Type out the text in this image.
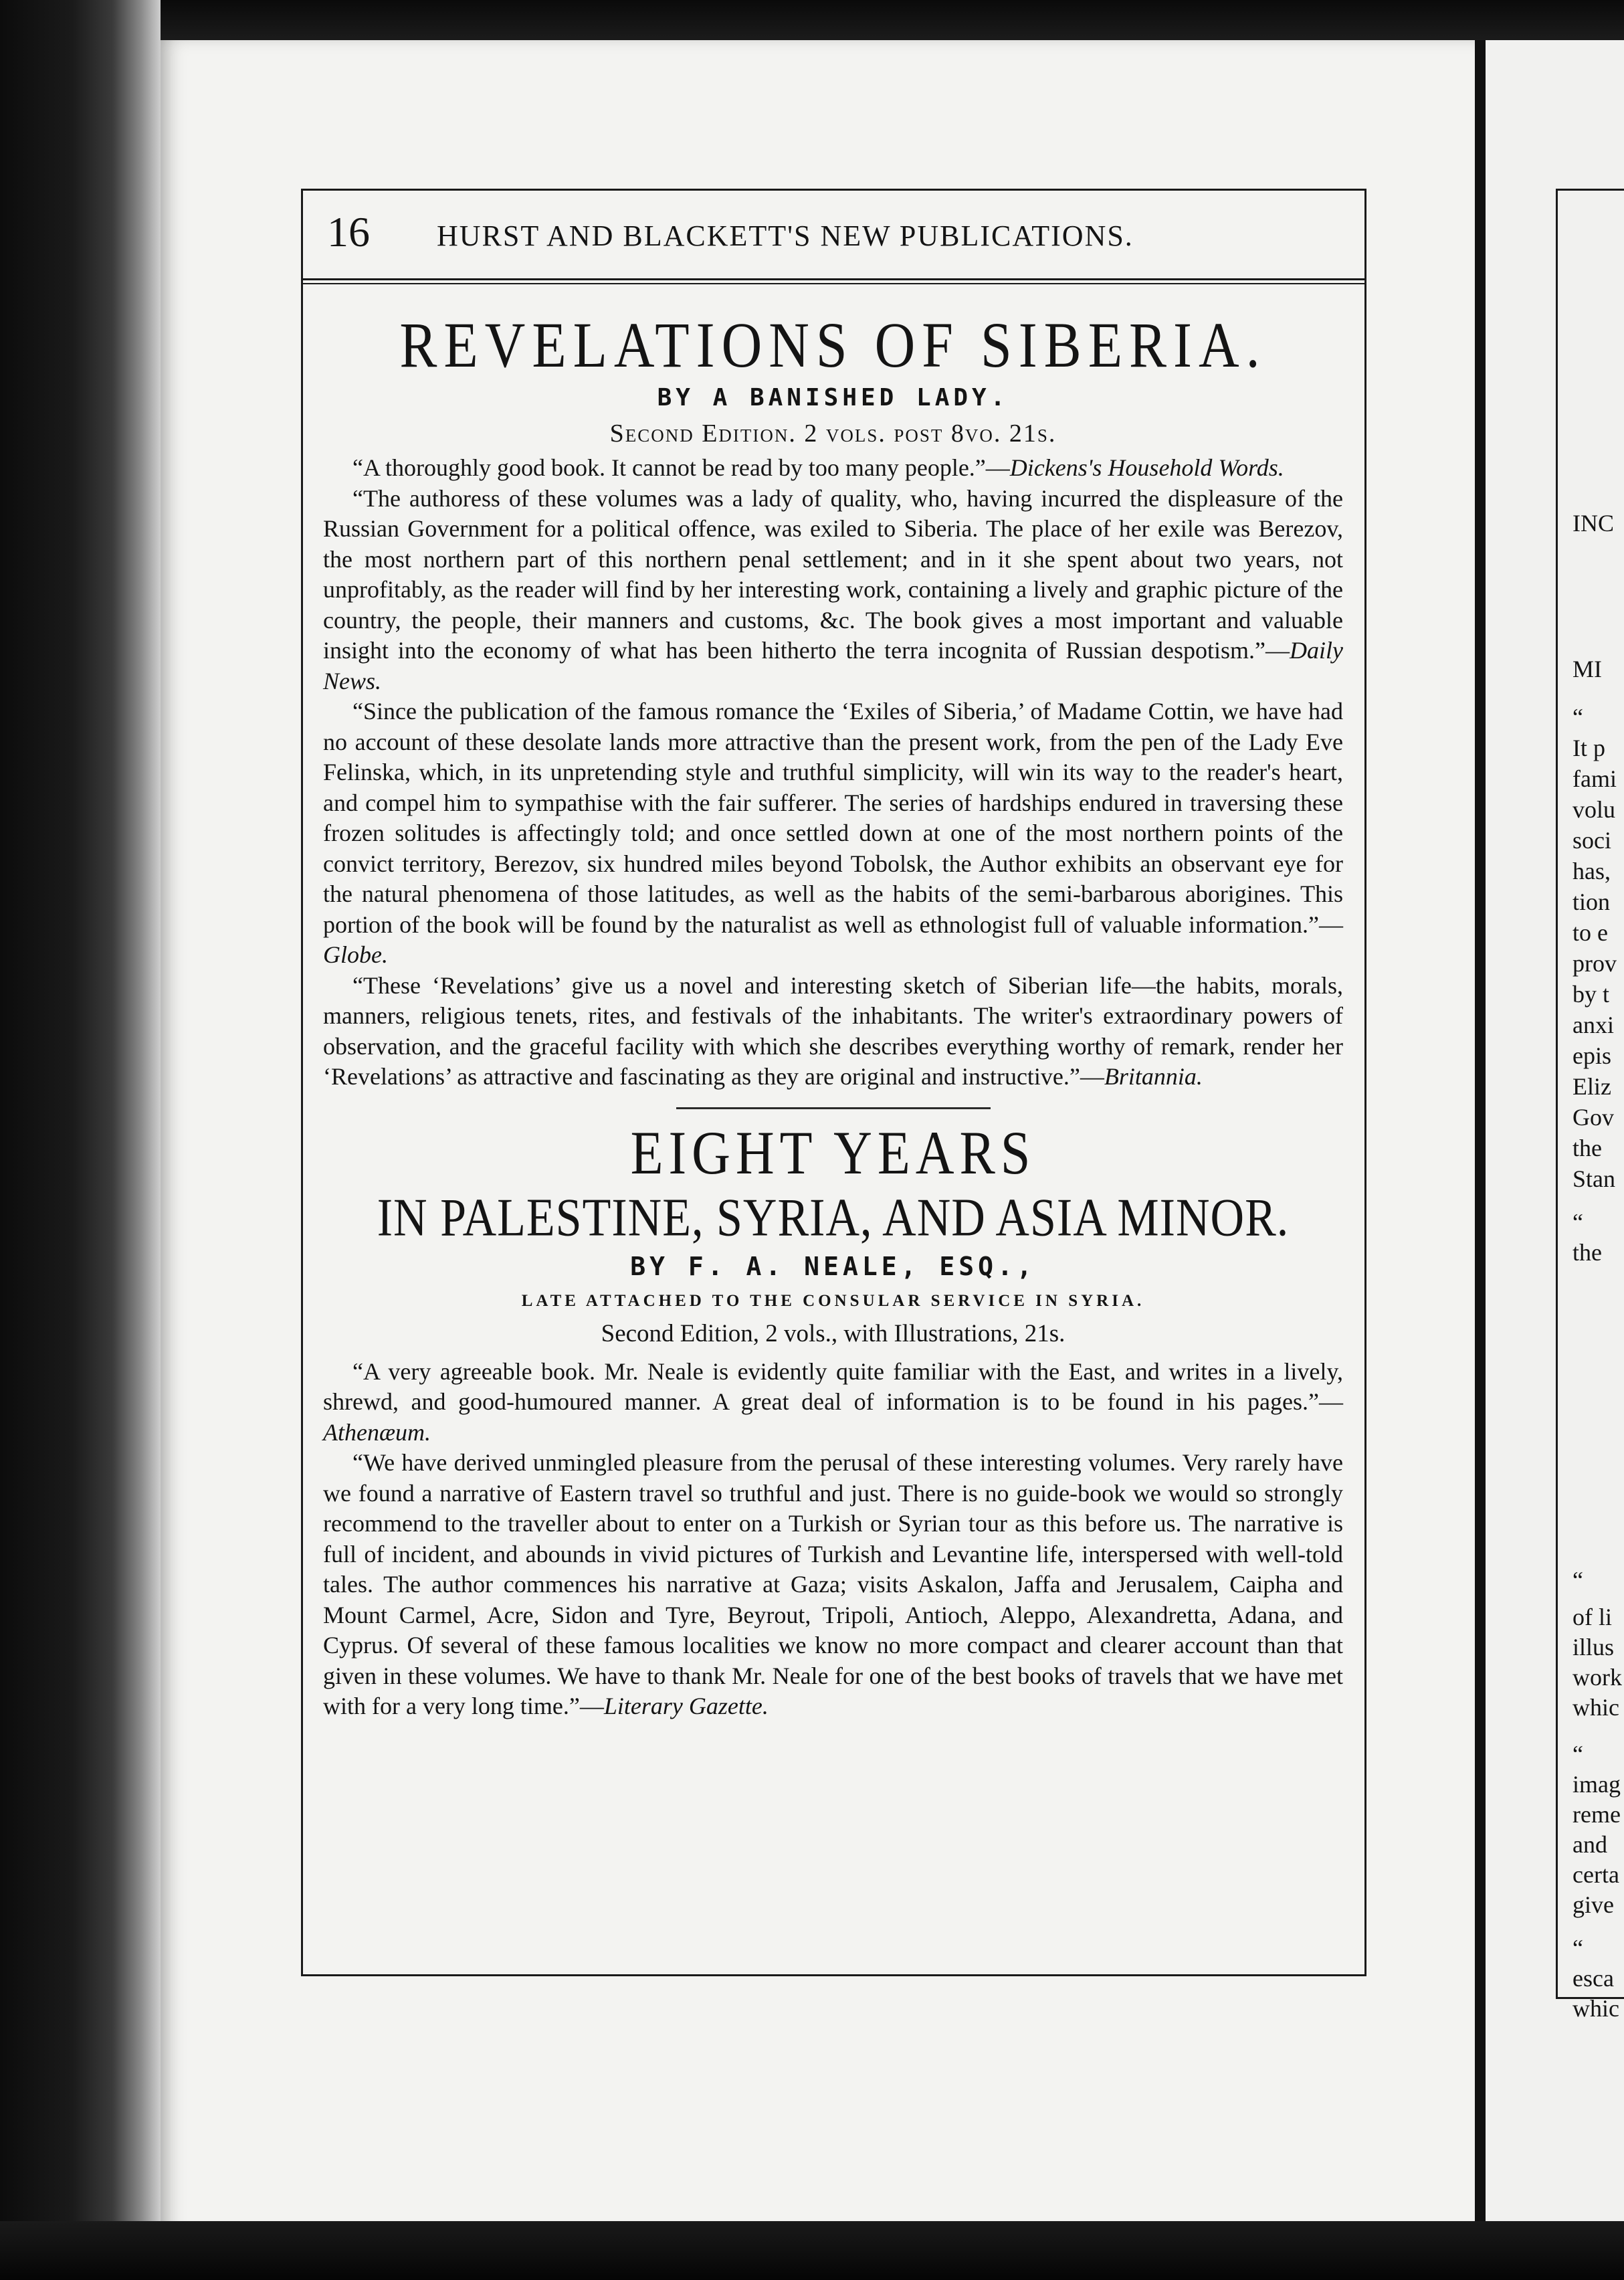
INC
MI
“
It p
fami
volu
soci
has,
tion
to e
prov
by t
anxi
epis
Eliz
Gov
the
Stan
“
the
“
of li
illus
work
whic
“
imag
reme
and
certa
give
“
esca
whic
16 HURST AND BLACKETT'S NEW PUBLICATIONS.
REVELATIONS OF SIBERIA.
BY A BANISHED LADY.
Second Edition. 2 vols. post 8vo. 21s.

“A thoroughly good book. It cannot be read by too many people.”—Dickens's Household Words.

“The authoress of these volumes was a lady of quality, who, having incurred the displeasure of the Russian Government for a political offence, was exiled to Siberia. The place of her exile was Berezov, the most northern part of this northern penal settlement; and in it she spent about two years, not unprofitably, as the reader will find by her interesting work, containing a lively and graphic picture of the country, the people, their manners and customs, &c. The book gives a most important and valuable insight into the economy of what has been hitherto the terra incognita of Russian despotism.”—Daily News.

“Since the publication of the famous romance the ‘Exiles of Siberia,’ of Madame Cottin, we have had no account of these desolate lands more attractive than the present work, from the pen of the Lady Eve Felinska, which, in its unpretending style and truthful simplicity, will win its way to the reader's heart, and compel him to sympathise with the fair sufferer. The series of hardships endured in traversing these frozen solitudes is affectingly told; and once settled down at one of the most northern points of the convict territory, Berezov, six hundred miles beyond Tobolsk, the Author exhibits an observant eye for the natural phenomena of those latitudes, as well as the habits of the semi-barbarous aborigines. This portion of the book will be found by the naturalist as well as ethnologist full of valuable information.”—Globe.

“These ‘Revelations’ give us a novel and interesting sketch of Siberian life—the habits, morals, manners, religious tenets, rites, and festivals of the inhabitants. The writer's extraordinary powers of observation, and the graceful facility with which she describes everything worthy of remark, render her ‘Revelations’ as attractive and fascinating as they are original and instructive.”—Britannia.

EIGHT YEARS
IN PALESTINE, SYRIA, AND ASIA MINOR.
BY F. A. NEALE, ESQ.,
LATE ATTACHED TO THE CONSULAR SERVICE IN SYRIA.
Second Edition, 2 vols., with Illustrations, 21s.

“A very agreeable book. Mr. Neale is evidently quite familiar with the East, and writes in a lively, shrewd, and good-humoured manner. A great deal of information is to be found in his pages.”—Athenæum.

“We have derived unmingled pleasure from the perusal of these interesting volumes. Very rarely have we found a narrative of Eastern travel so truthful and just. There is no guide-book we would so strongly recommend to the traveller about to enter on a Turkish or Syrian tour as this before us. The narrative is full of incident, and abounds in vivid pictures of Turkish and Levantine life, interspersed with well-told tales. The author commences his narrative at Gaza; visits Askalon, Jaffa and Jerusalem, Caipha and Mount Carmel, Acre, Sidon and Tyre, Beyrout, Tripoli, Antioch, Aleppo, Alexandretta, Adana, and Cyprus. Of several of these famous localities we know no more compact and clearer account than that given in these volumes. We have to thank Mr. Neale for one of the best books of travels that we have met with for a very long time.”—Literary Gazette.
